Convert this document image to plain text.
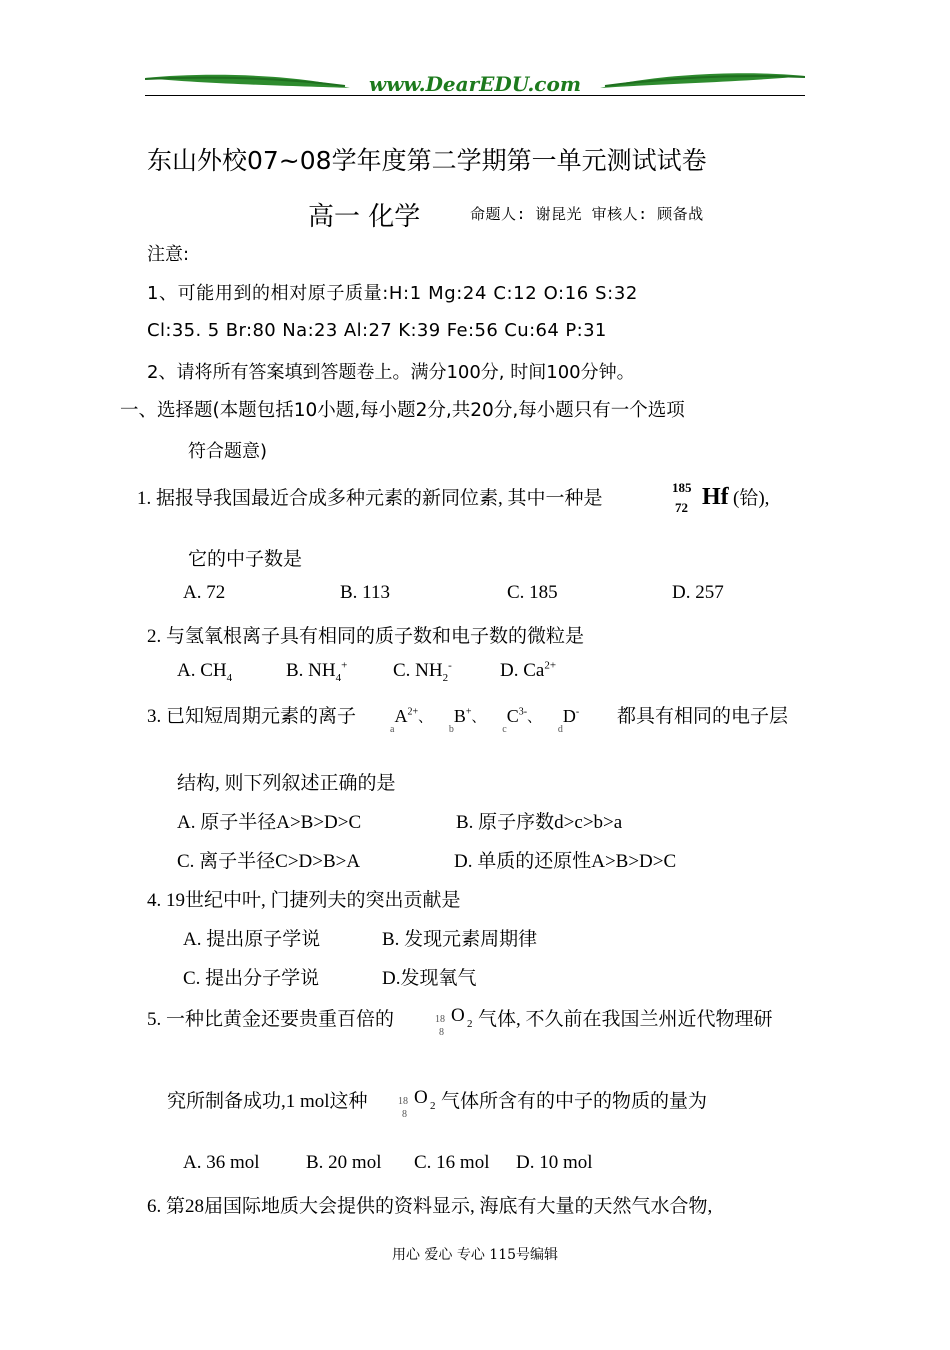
www.DearEDU.com
东山外校07~08学年度第二学期第一单元测试试卷
高一 化学	命题人: 谢昆光 审核人: 顾备战
注意:
1、可能用到的相对原子质量:H:1 Mg:24 C:12 O:16 S:32
Cl:35. 5 Br:80 Na:23 Al:27 K:39 Fe:56 Cu:64 P:31
2、请将所有答案填到答题卷上。满分100分, 时间100分钟。
一、选择题(本题包括10小题,每小题2分,共20分,每小题只有一个选项
符合题意)
1. 据报导我国最近合成多种元素的新同位素, 其中一种是
185
72 Hf (铪),
它的中子数是
A. 72	B. 113	C. 185	D. 257
2. 与氢氧根离子具有相同的质子数和电子数的微粒是
A. $CH_4$	B. $NH_4^+$ C. $NH_2^-$	D. $Ca^{2+}$
3. 已知短周期元素的离子
$_aA^{2+}$、 $_b$B+、 $_cC^{3-}$、 $_d$D- 都具有相同的电子层
结构, 则下列叙述正确的是
A. 原子半径A>B>D>C	B. 原子序数d>c>b>a
C. 离子半径C>D>B>A	D. 单质的还原性A>B>D>C
4. 19世纪中叶, 门捷列夫的突出贡献是
A. 提出原子学说	B. 发现元素周期律
C. 提出分子学说	D.发现氧气
5. 一种比黄金还要贵重百倍的	18
8
O 2 气体, 不久前在我国兰州近代物理研
究所制备成功,1 mol这种	18
8
O 2 气体所含有的中子的物质的量为
A. 36 mol B. 20 mol C. 16 mol D. 10 mol
6. 第28届国际地质大会提供的资料显示, 海底有大量的天然气水合物,
用心 爱心 专心 115号编辑
